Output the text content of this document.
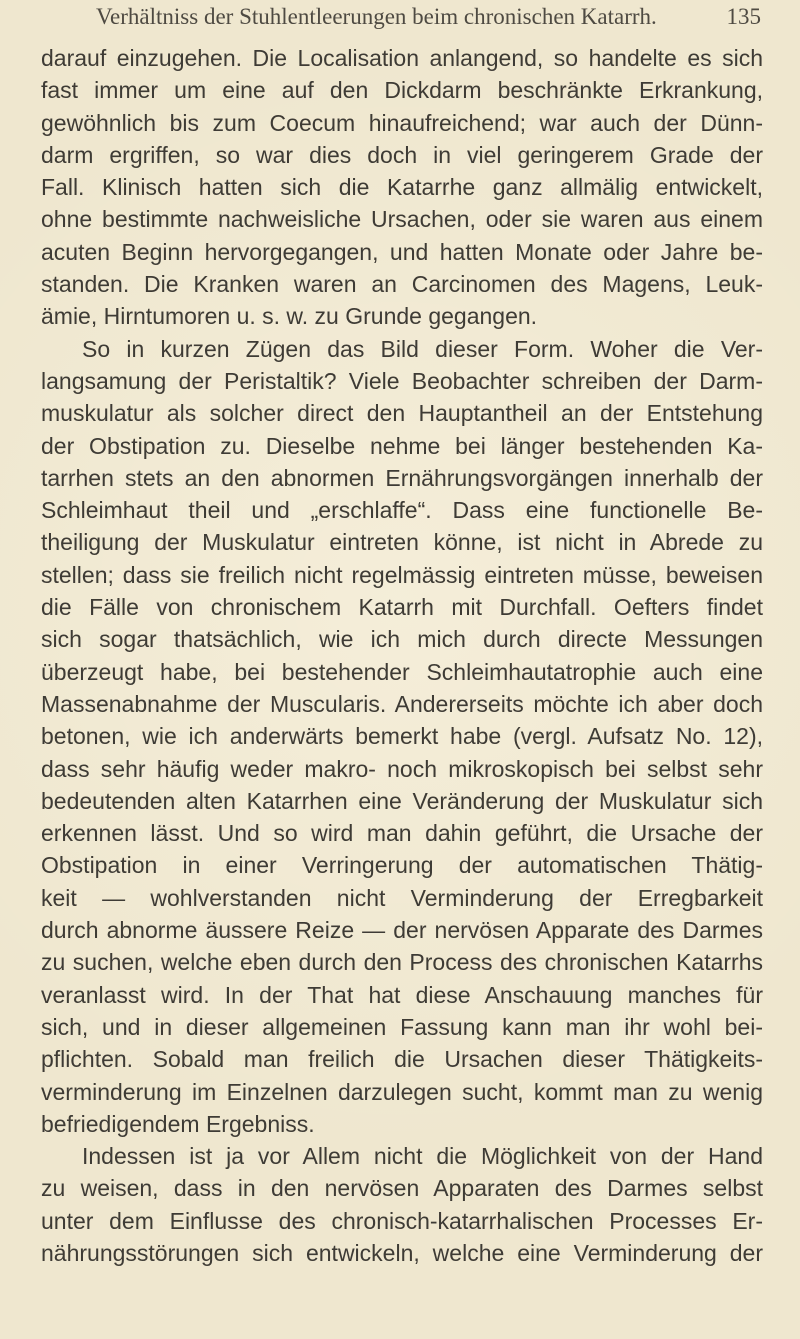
Verhältniss der Stuhlentleerungen beim chronischen Katarrh.	135
darauf einzugehen. Die Localisation anlangend, so handelte es sich
fast immer um eine auf den Dickdarm beschränkte Erkrankung,
gewöhnlich bis zum Coecum hinaufreichend; war auch der Dünn-
darm ergriffen, so war dies doch in viel geringerem Grade der
Fall. Klinisch hatten sich die Katarrhe ganz allmälig entwickelt,
ohne bestimmte nachweisliche Ursachen, oder sie waren aus einem
acuten Beginn hervorgegangen, und hatten Monate oder Jahre be-
standen. Die Kranken waren an Carcinomen des Magens, Leuk-
ämie, Hirntumoren u. s. w. zu Grunde gegangen.
So in kurzen Zügen das Bild dieser Form. Woher die Ver-
langsamung der Peristaltik? Viele Beobachter schreiben der Darm-
muskulatur als solcher direct den Hauptantheil an der Entstehung
der Obstipation zu. Dieselbe nehme bei länger bestehenden Ka-
tarrhen stets an den abnormen Ernährungsvorgängen innerhalb der
Schleimhaut theil und „erschlaffe“. Dass eine functionelle Be-
theiligung der Muskulatur eintreten könne, ist nicht in Abrede zu
stellen; dass sie freilich nicht regelmässig eintreten müsse, beweisen
die Fälle von chronischem Katarrh mit Durchfall. Oefters findet
sich sogar thatsächlich, wie ich mich durch directe Messungen
überzeugt habe, bei bestehender Schleimhautatrophie auch eine
Massenabnahme der Muscularis. Andererseits möchte ich aber doch
betonen, wie ich anderwärts bemerkt habe (vergl. Aufsatz No. 12),
dass sehr häufig weder makro- noch mikroskopisch bei selbst sehr
bedeutenden alten Katarrhen eine Veränderung der Muskulatur sich
erkennen lässt. Und so wird man dahin geführt, die Ursache der
Obstipation in einer Verringerung der automatischen Thätig-
keit — wohlverstanden nicht Verminderung der Erregbarkeit
durch abnorme äussere Reize — der nervösen Apparate des Darmes
zu suchen, welche eben durch den Process des chronischen Katarrhs
veranlasst wird. In der That hat diese Anschauung manches für
sich, und in dieser allgemeinen Fassung kann man ihr wohl bei-
pflichten. Sobald man freilich die Ursachen dieser Thätigkeits-
verminderung im Einzelnen darzulegen sucht, kommt man zu wenig
befriedigendem Ergebniss.
Indessen ist ja vor Allem nicht die Möglichkeit von der Hand
zu weisen, dass in den nervösen Apparaten des Darmes selbst
unter dem Einflusse des chronisch-katarrhalischen Processes Er-
nährungsstörungen sich entwickeln, welche eine Verminderung der
